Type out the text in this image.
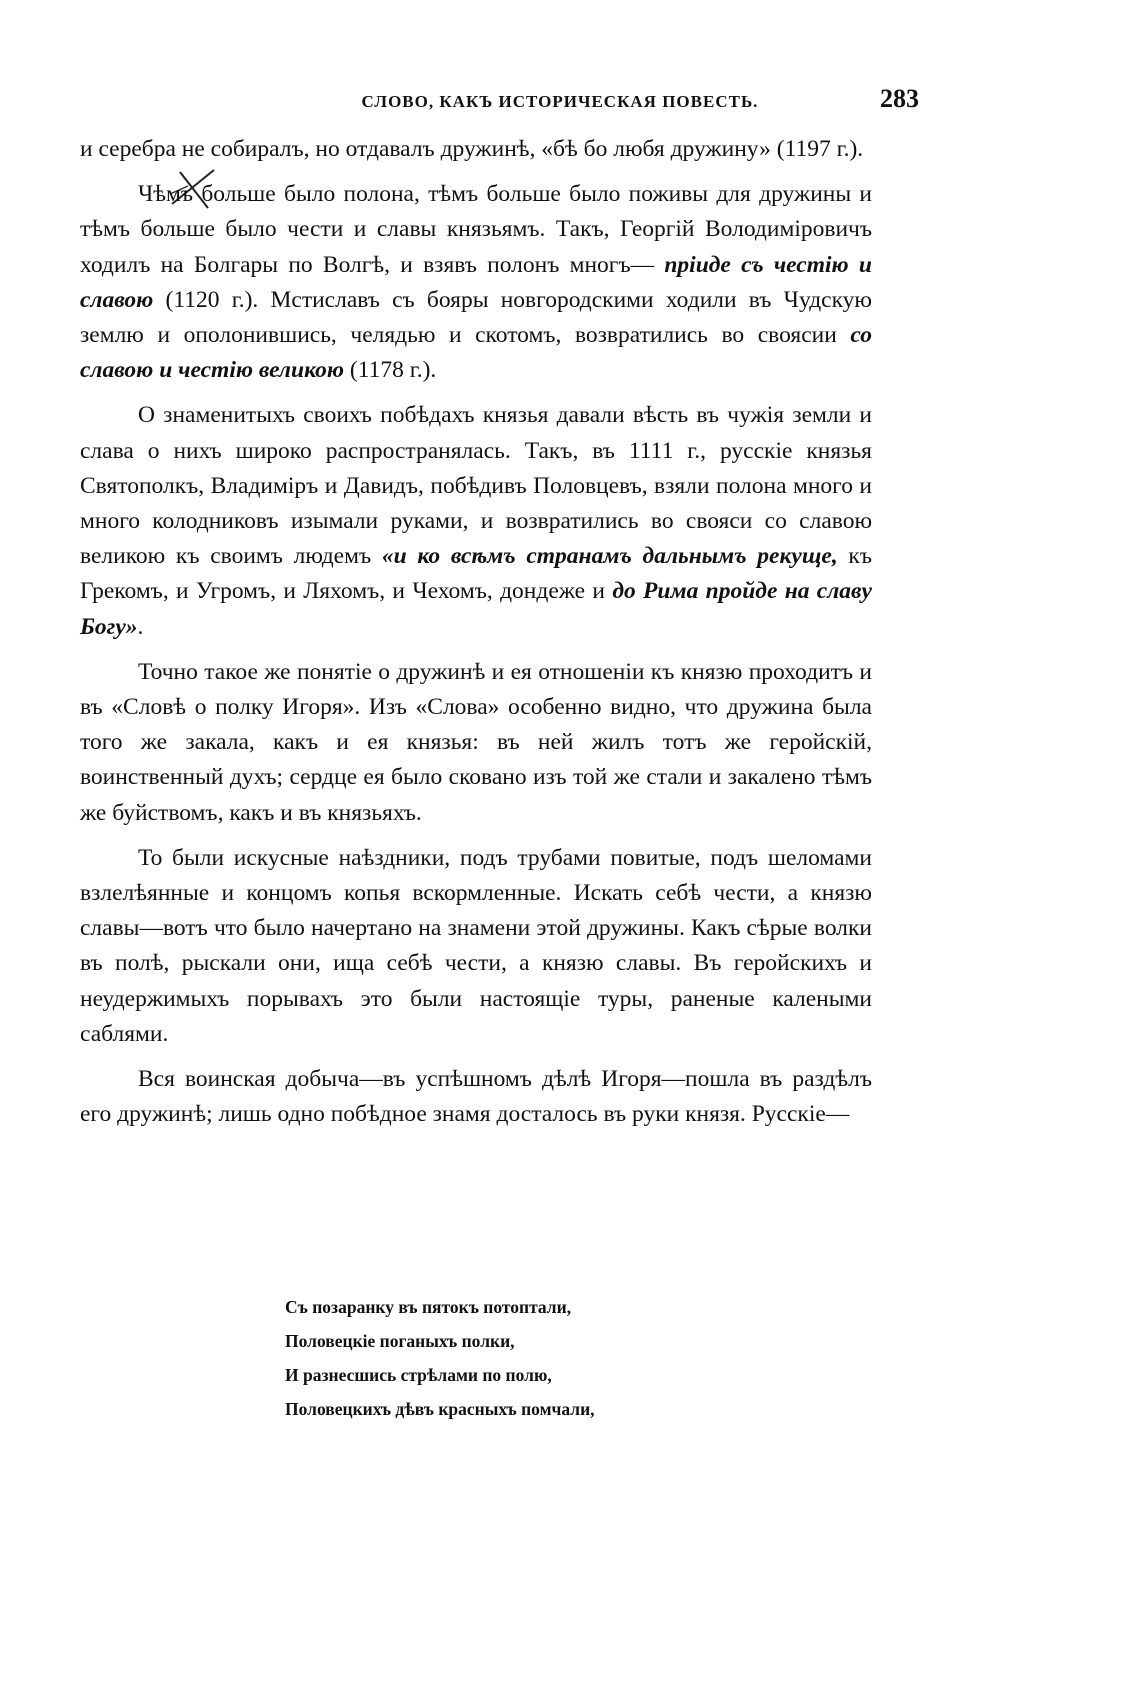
СЛОВО, КАКЪ ИСТОРИЧЕСКАЯ ПОВЕСТЬ.	283

и серебра не собиралъ, но отдавалъ дружинѣ, «бѣ бо любя дружину» (1197 г.).

Чѣмъ больше было полона, тѣмъ больше было поживы для дружины и тѣмъ больше было чести и славы князьямъ. Такъ, Георгій Володиміровичъ ходилъ на Болгары по Волгѣ, и взявъ полонъ многъ— пріиде съ честію и славою (1120 г.). Мстиславъ съ бояры новгородскими ходили въ Чудскую землю и ополонившись, челядью и скотомъ, возвратились во своясии со славою и честію великою (1178 г.).

О знаменитыхъ своихъ побѣдахъ князья давали вѣсть въ чужія земли и слава о нихъ широко распространялась. Такъ, въ 1111 г., русскіе князья Святополкъ, Владиміръ и Давидъ, побѣдивъ Половцевъ, взяли полона много и много колодниковъ изымали руками, и возвратились во свояси со славою великою къ своимъ людемъ «и ко всѣмъ странамъ дальнымъ рекуще, къ Грекомъ, и Угромъ, и Ляхомъ, и Чехомъ, дондеже и до Рима пройде на славу Богу».

Точно такое же понятіе о дружинѣ и ея отношеніи къ князю проходитъ и въ «Словѣ о полку Игоря». Изъ «Слова» особенно видно, что дружина была того же закала, какъ и ея князья: въ ней жилъ тотъ же геройскій, воинственный духъ; сердце ея было сковано изъ той же стали и закалено тѣмъ же буйствомъ, какъ и въ князьяхъ.

То были искусные наѣздники, подъ трубами повитые, подъ шеломами взлелѣянные и концомъ копья вскормленные. Искать себѣ чести, а князю славы—вотъ что было начертано на знамени этой дружины. Какъ сѣрые волки въ полѣ, рыскали они, ища себѣ чести, а князю славы. Въ геройскихъ и неудержимыхъ порывахъ это были настоящіе туры, раненые калеными саблями.

Вся воинская добыча—въ успѣшномъ дѣлѣ Игоря—пошла въ раздѣлъ его дружинѣ; лишь одно побѣдное знамя досталось въ руки князя. Русскіе—

Съ позаранку въ пятокъ потоптали,
Половецкіе поганыхъ полки,
И разнесшись стрѣлами по полю,
Половецкихъ дѣвъ красныхъ помчали,
